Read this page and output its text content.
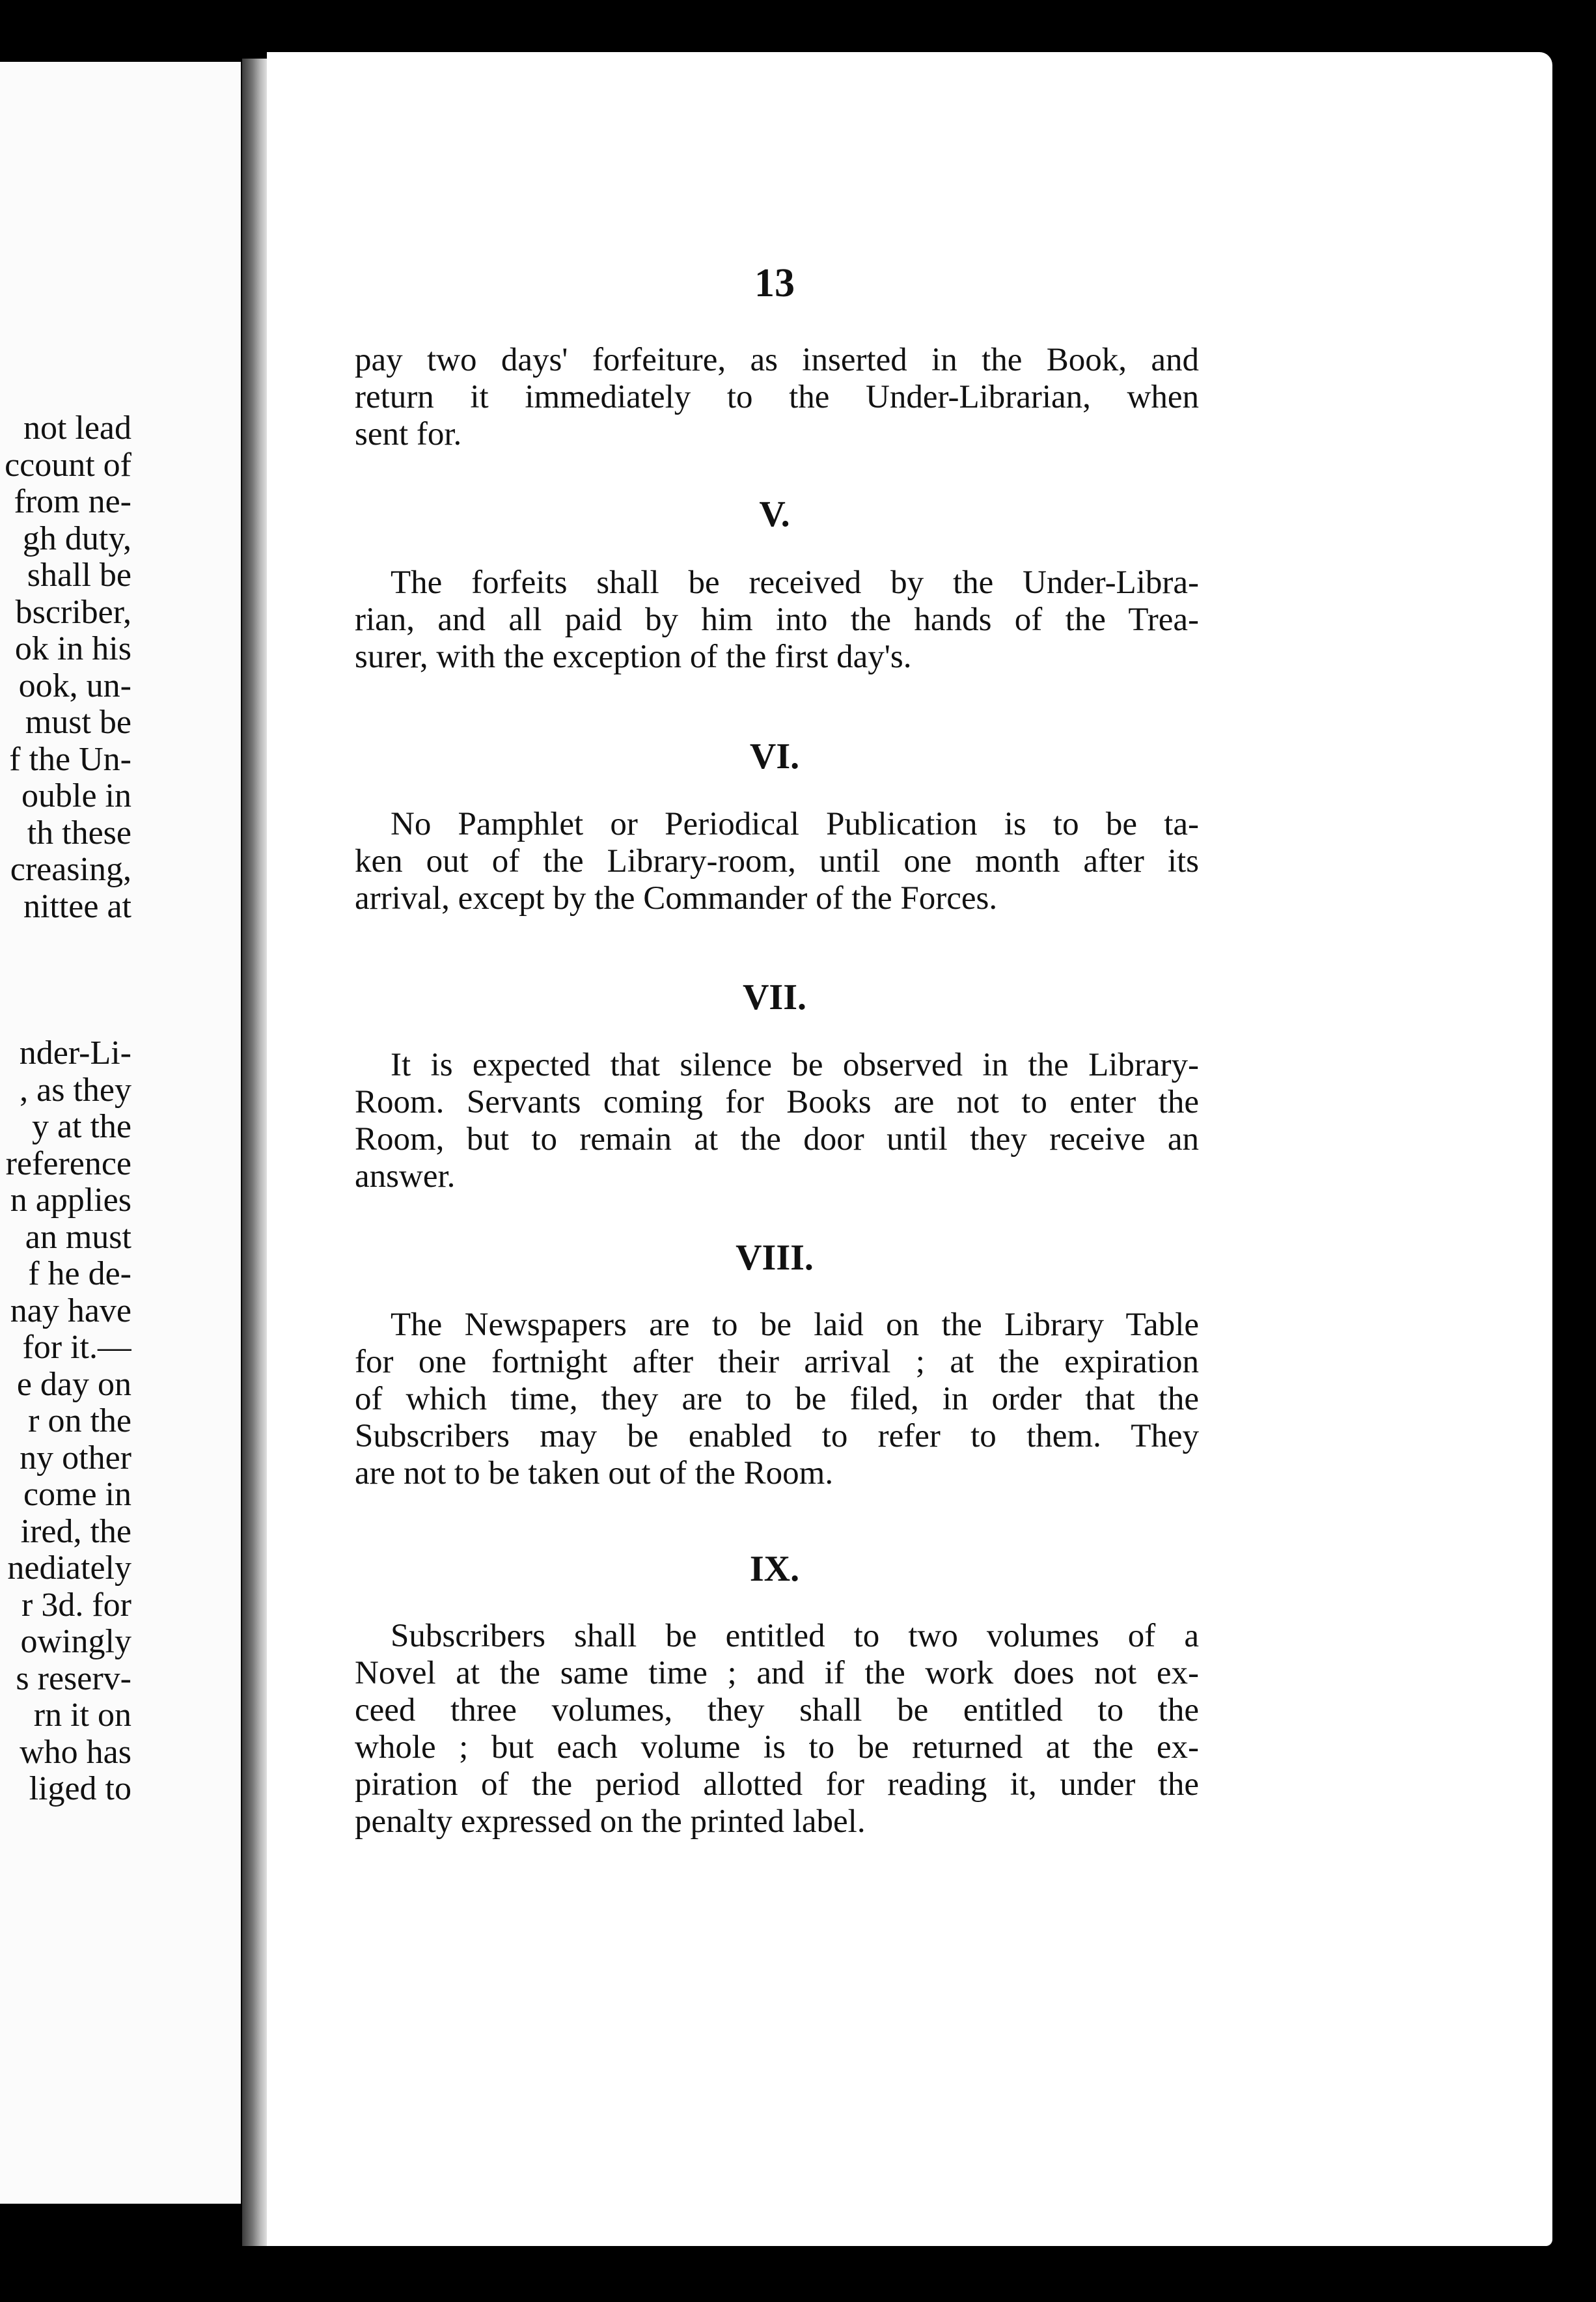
not lead
ccount of
from ne-
gh duty,
shall be
bscriber,
ok in his
ook, un-
must be
f the Un-
ouble in
th these
creasing,
nittee at
nder-Li-
, as they
y at the
reference
n applies
an must
f he de-
nay have
for it.—
e day on
r on the
ny other
come in
ired, the
nediately
r 3d. for
owingly
s reserv-
rn it on
who has
liged to
13
pay two days' forfeiture, as inserted in the Book, and
return it immediately to the Under-Librarian, when
sent for.
V.
The forfeits shall be received by the Under-Libra-
rian, and all paid by him into the hands of the Trea-
surer, with the exception of the first day's.
VI.
No Pamphlet or Periodical Publication is to be ta-
ken out of the Library-room, until one month after its
arrival, except by the Commander of the Forces.
VII.
It is expected that silence be observed in the Library-
Room. Servants coming for Books are not to enter the
Room, but to remain at the door until they receive an
answer.
VIII.
The Newspapers are to be laid on the Library Table
for one fortnight after their arrival ; at the expiration
of which time, they are to be filed, in order that the
Subscribers may be enabled to refer to them. They
are not to be taken out of the Room.
IX.
Subscribers shall be entitled to two volumes of a
Novel at the same time ; and if the work does not ex-
ceed three volumes, they shall be entitled to the
whole ; but each volume is to be returned at the ex-
piration of the period allotted for reading it, under the
penalty expressed on the printed label.
